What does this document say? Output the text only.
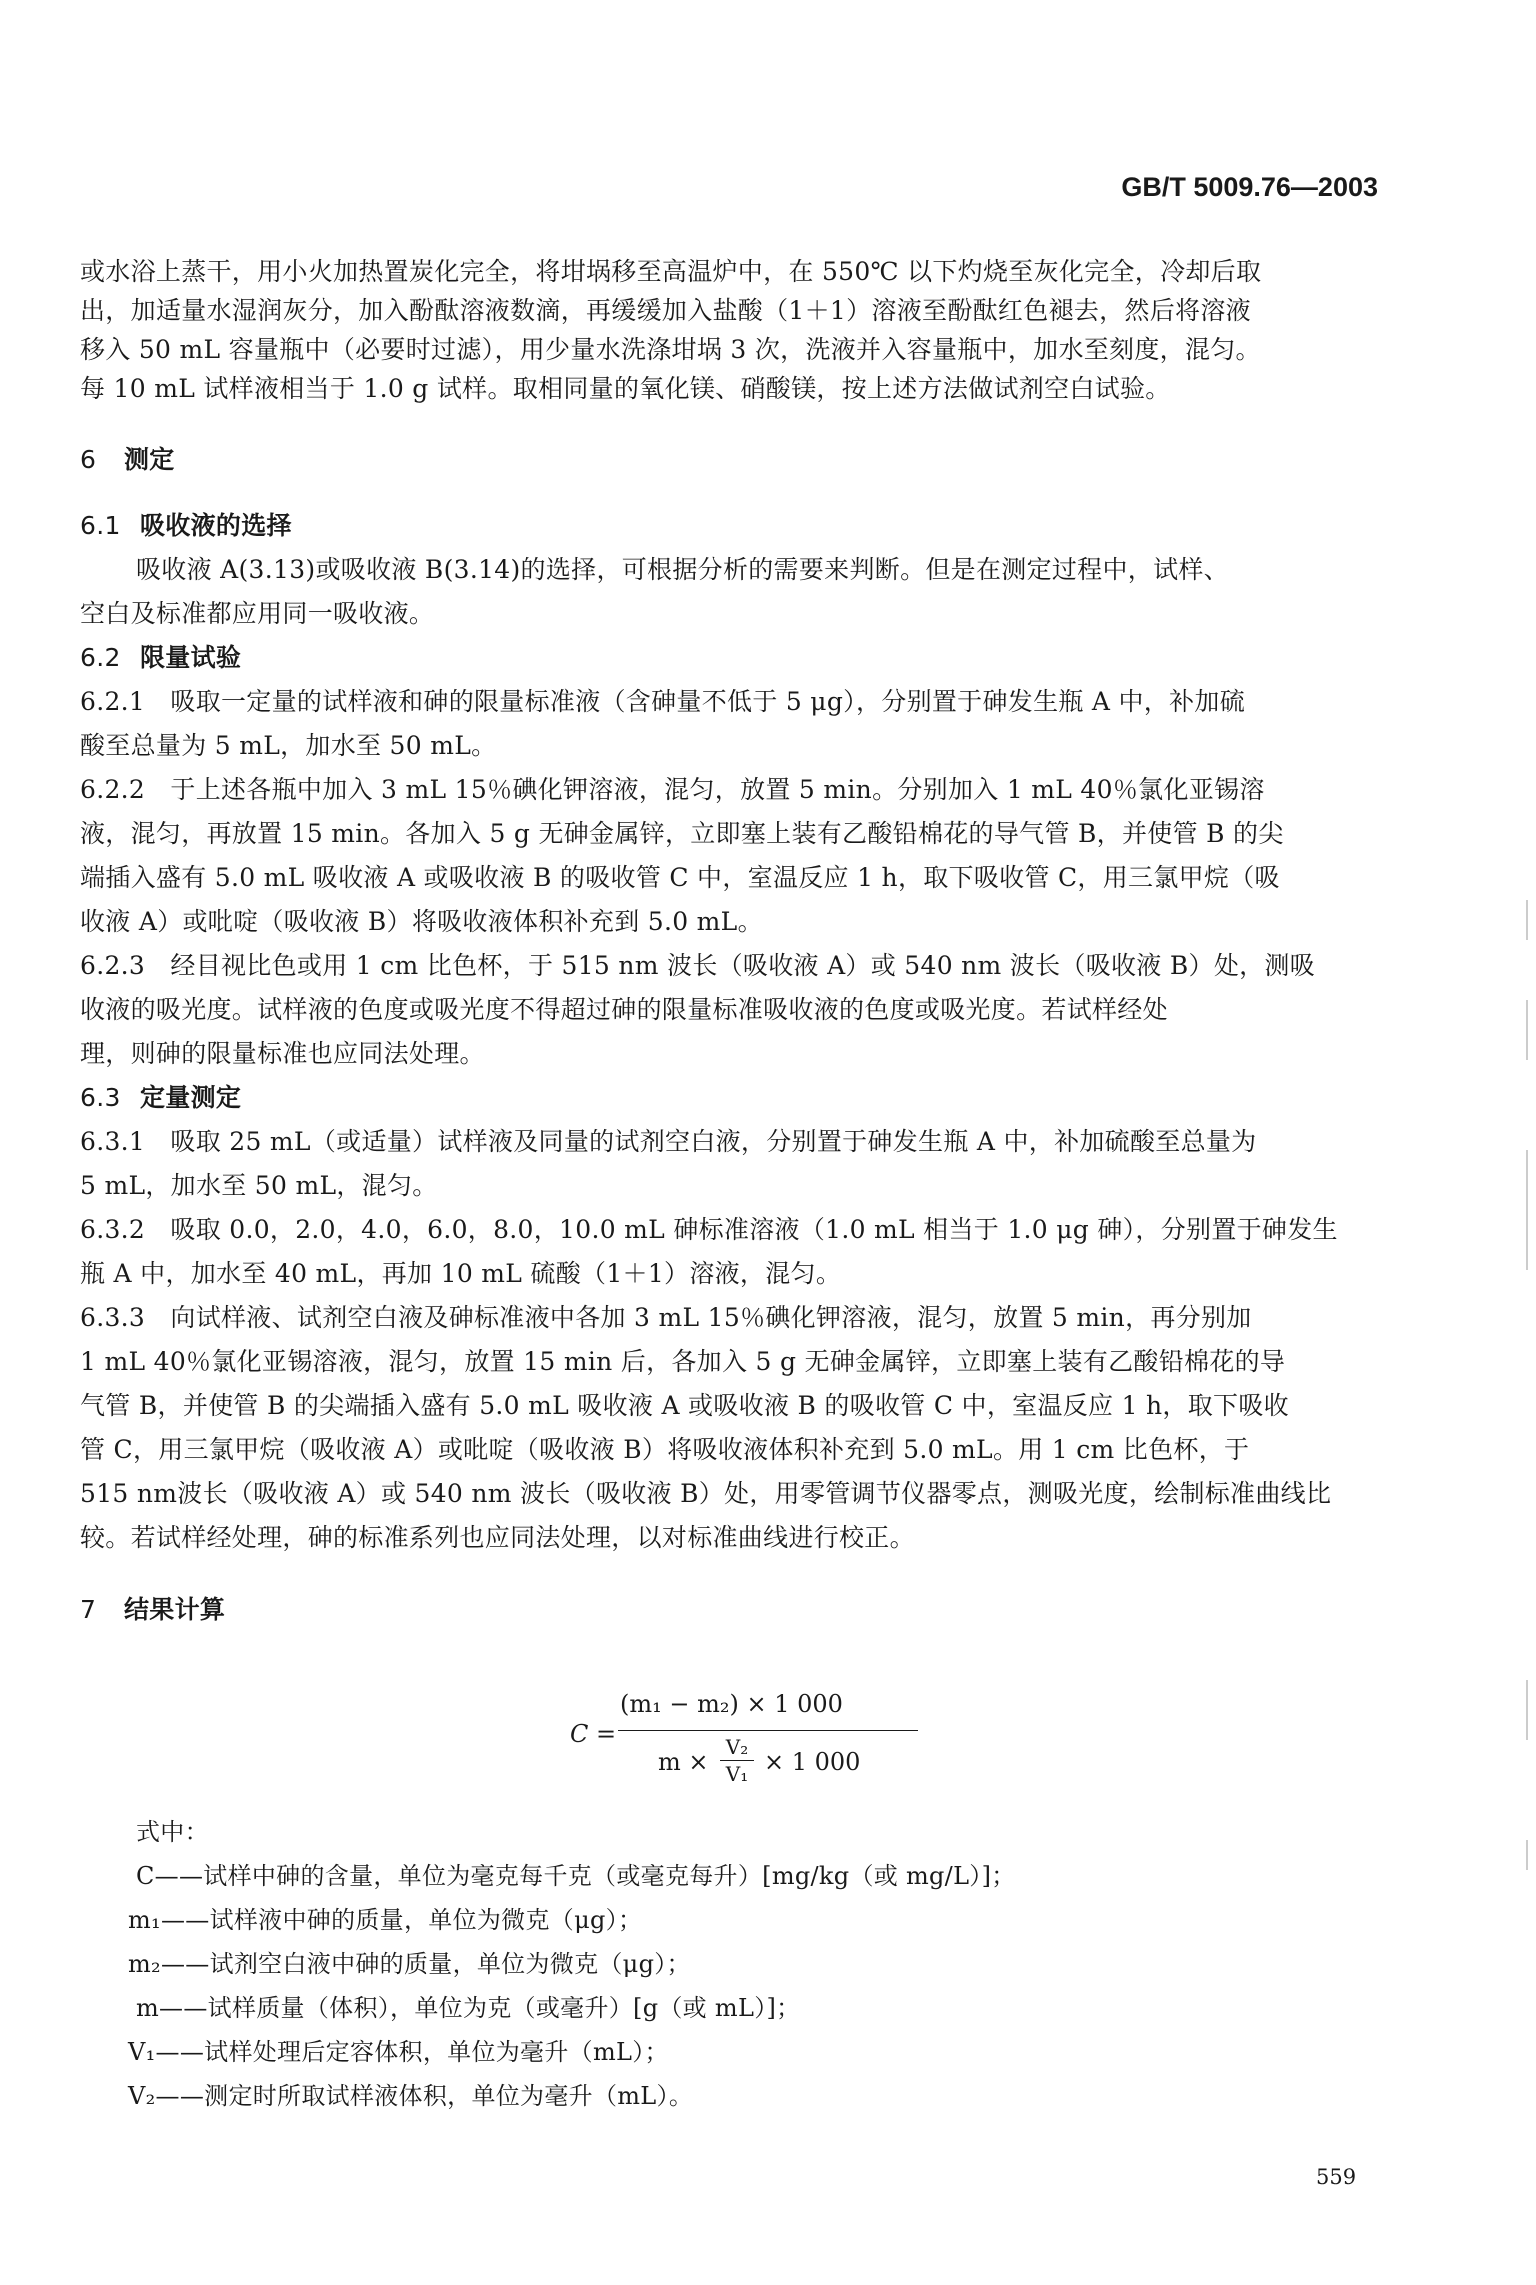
GB/T 5009.76—2003
或水浴上蒸干，用小火加热置炭化完全，将坩埚移至高温炉中，在 550℃ 以下灼烧至灰化完全，冷却后取
出，加适量水湿润灰分，加入酚酞溶液数滴，再缓缓加入盐酸（1＋1）溶液至酚酞红色褪去，然后将溶液
移入 50 mL 容量瓶中（必要时过滤），用少量水洗涤坩埚 3 次，洗液并入容量瓶中，加水至刻度，混匀。
每 10 mL 试样液相当于 1.0 g 试样。取相同量的氧化镁、硝酸镁，按上述方法做试剂空白试验。
6 测定
6.1 吸收液的选择
吸收液 A(3.13)或吸收液 B(3.14)的选择，可根据分析的需要来判断。但是在测定过程中，试样、
空白及标准都应用同一吸收液。
6.2 限量试验
6.2.1　吸取一定量的试样液和砷的限量标准液（含砷量不低于 5 μg），分别置于砷发生瓶 A 中，补加硫
酸至总量为 5 mL，加水至 50 mL。
6.2.2　于上述各瓶中加入 3 mL 15％碘化钾溶液，混匀，放置 5 min。分别加入 1 mL 40％氯化亚锡溶
液，混匀，再放置 15 min。各加入 5 g 无砷金属锌，立即塞上装有乙酸铅棉花的导气管 B，并使管 B 的尖
端插入盛有 5.0 mL 吸收液 A 或吸收液 B 的吸收管 C 中，室温反应 1 h，取下吸收管 C，用三氯甲烷（吸
收液 A）或吡啶（吸收液 B）将吸收液体积补充到 5.0 mL。
6.2.3　经目视比色或用 1 cm 比色杯，于 515 nm 波长（吸收液 A）或 540 nm 波长（吸收液 B）处，测吸
收液的吸光度。试样液的色度或吸光度不得超过砷的限量标准吸收液的色度或吸光度。若试样经处
理，则砷的限量标准也应同法处理。
6.3 定量测定
6.3.1　吸取 25 mL（或适量）试样液及同量的试剂空白液，分别置于砷发生瓶 A 中，补加硫酸至总量为
5 mL，加水至 50 mL，混匀。
6.3.2　吸取 0.0，2.0，4.0，6.0，8.0，10.0 mL 砷标准溶液（1.0 mL 相当于 1.0 μg 砷），分别置于砷发生
瓶 A 中，加水至 40 mL，再加 10 mL 硫酸（1＋1）溶液，混匀。
6.3.3　向试样液、试剂空白液及砷标准液中各加 3 mL 15％碘化钾溶液，混匀，放置 5 min，再分别加
1 mL 40％氯化亚锡溶液，混匀，放置 15 min 后，各加入 5 g 无砷金属锌，立即塞上装有乙酸铅棉花的导
气管 B，并使管 B 的尖端插入盛有 5.0 mL 吸收液 A 或吸收液 B 的吸收管 C 中，室温反应 1 h，取下吸收
管 C，用三氯甲烷（吸收液 A）或吡啶（吸收液 B）将吸收液体积补充到 5.0 mL。用 1 cm 比色杯，于
515 nm波长（吸收液 A）或 540 nm 波长（吸收液 B）处，用零管调节仪器零点，测吸光度，绘制标准曲线比
较。若试样经处理，砷的标准系列也应同法处理，以对标准曲线进行校正。
7 结果计算
C =
(m₁ − m₂) × 1 000
m ×
V₂
V₁ × 1 000
式中：
C——试样中砷的含量，单位为毫克每千克（或毫克每升）[mg/kg（或 mg/L）]；
m₁——试样液中砷的质量，单位为微克（μg）；
m₂——试剂空白液中砷的质量，单位为微克（μg）；
m——试样质量（体积），单位为克（或毫升）[g（或 mL）]；
V₁——试样处理后定容体积，单位为毫升（mL）；
V₂——测定时所取试样液体积，单位为毫升（mL）。
559
